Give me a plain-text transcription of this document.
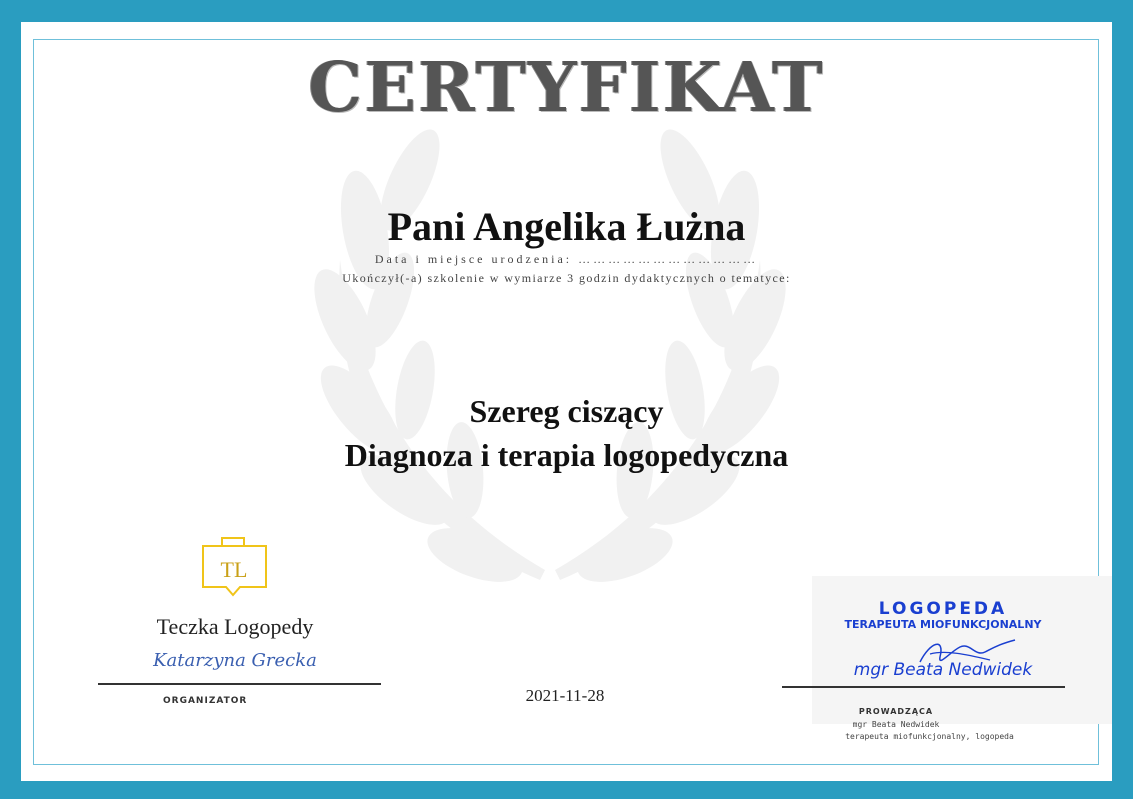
CERTYFIKAT
Pani Angelika Łużna
Data i miejsce urodzenia: ………………………………
Ukończył(-a) szkolenie w wymiarze 3 godzin dydaktycznych o tematyce:
Szereg ciszący
Diagnoza i terapia logopedyczna
TL
Teczka Logopedy
Katarzyna Grecka
ORGANIZATOR	2021-11-28
LOGOPEDA
TERAPEUTA MIOFUNKCJONALNY
mgr Beata Nedwidek
PROWADZĄCA
mgr Beata Nedwidek
terapeuta miofunkcjonalny, logopeda
